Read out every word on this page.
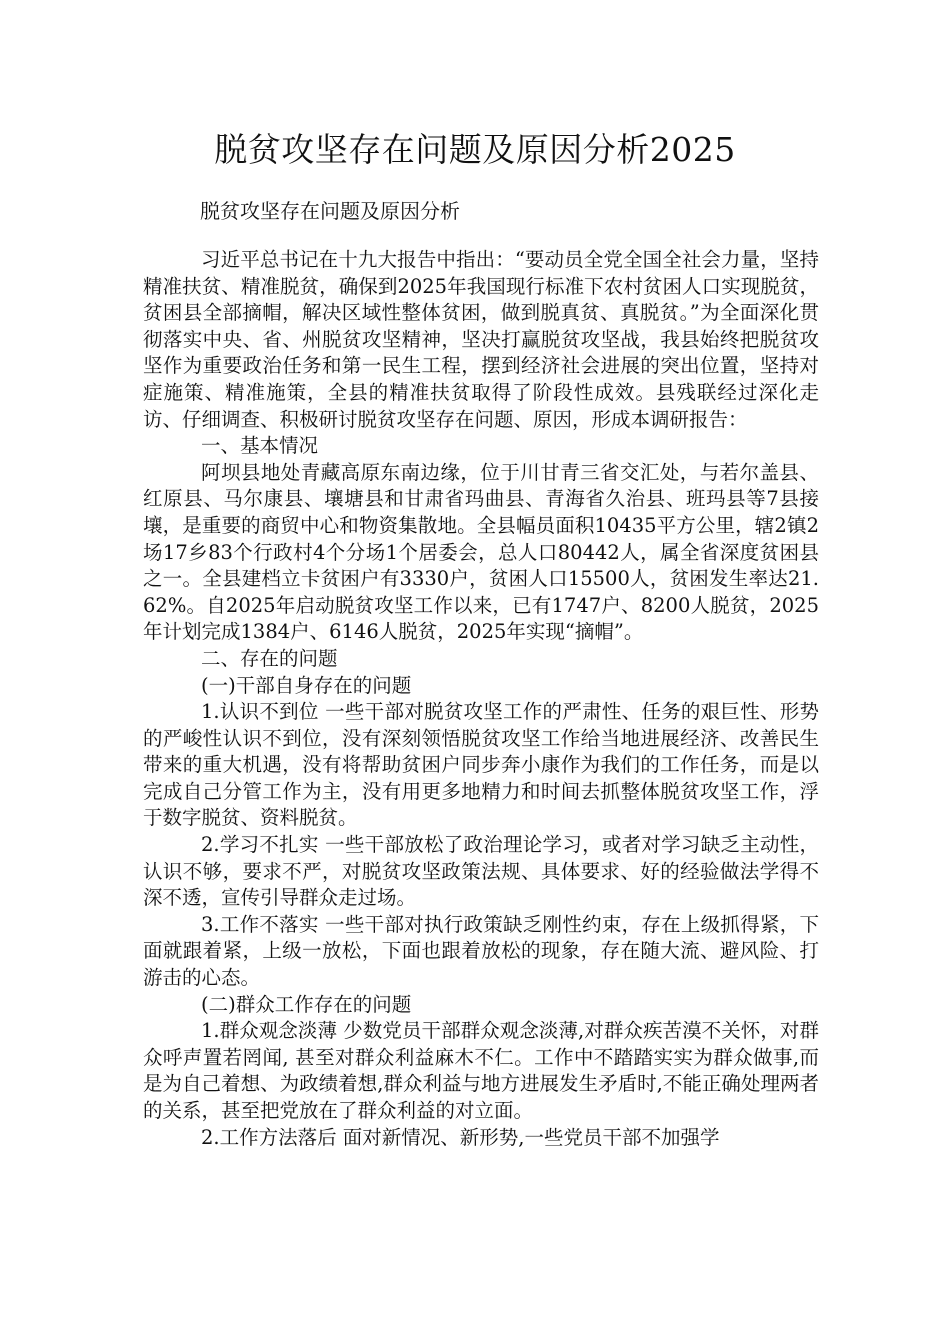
脱贫攻坚存在问题及原因分析2025

脱贫攻坚存在问题及原因分析

习近平总书记在十九大报告中指出：“要动员全党全国全社会力量，坚持精准扶贫、精准脱贫，确保到2025年我国现行标准下农村贫困人口实现脱贫，贫困县全部摘帽，解决区域性整体贫困，做到脱真贫、真脱贫。”为全面深化贯彻落实中央、省、州脱贫攻坚精神，坚决打赢脱贫攻坚战，我县始终把脱贫攻坚作为重要政治任务和第一民生工程，摆到经济社会进展的突出位置，坚持对症施策、精准施策，全县的精准扶贫取得了阶段性成效。县残联经过深化走访、仔细调查、积极研讨脱贫攻坚存在问题、原因，形成本调研报告：

一、基本情况

阿坝县地处青藏高原东南边缘，位于川甘青三省交汇处，与若尔盖县、红原县、马尔康县、壤塘县和甘肃省玛曲县、青海省久治县、班玛县等7县接壤，是重要的商贸中心和物资集散地。全县幅员面积10435平方公里，辖2镇2场17乡83个行政村4个分场1个居委会，总人口80442人，属全省深度贫困县之一。全县建档立卡贫困户有3330户，贫困人口15500人，贫困发生率达21.62%。自2025年启动脱贫攻坚工作以来，已有1747户、8200人脱贫，2025年计划完成1384户、6146人脱贫，2025年实现“摘帽”。

二、存在的问题

(一)干部自身存在的问题

1.认识不到位 一些干部对脱贫攻坚工作的严肃性、任务的艰巨性、形势的严峻性认识不到位，没有深刻领悟脱贫攻坚工作给当地进展经济、改善民生带来的重大机遇，没有将帮助贫困户同步奔小康作为我们的工作任务，而是以完成自己分管工作为主，没有用更多地精力和时间去抓整体脱贫攻坚工作，浮于数字脱贫、资料脱贫。

2.学习不扎实 一些干部放松了政治理论学习，或者对学习缺乏主动性，认识不够，要求不严，对脱贫攻坚政策法规、具体要求、好的经验做法学得不深不透，宣传引导群众走过场。

3.工作不落实 一些干部对执行政策缺乏刚性约束，存在上级抓得紧，下面就跟着紧，上级一放松，下面也跟着放松的现象，存在随大流、避风险、打游击的心态。

(二)群众工作存在的问题

1.群众观念淡薄 少数党员干部群众观念淡薄,对群众疾苦漠不关怀，对群众呼声置若罔闻, 甚至对群众利益麻木不仁。工作中不踏踏实实为群众做事,而是为自己着想、为政绩着想,群众利益与地方进展发生矛盾时,不能正确处理两者的关系，甚至把党放在了群众利益的对立面。

2.工作方法落后 面对新情况、新形势,一些党员干部不加强学
